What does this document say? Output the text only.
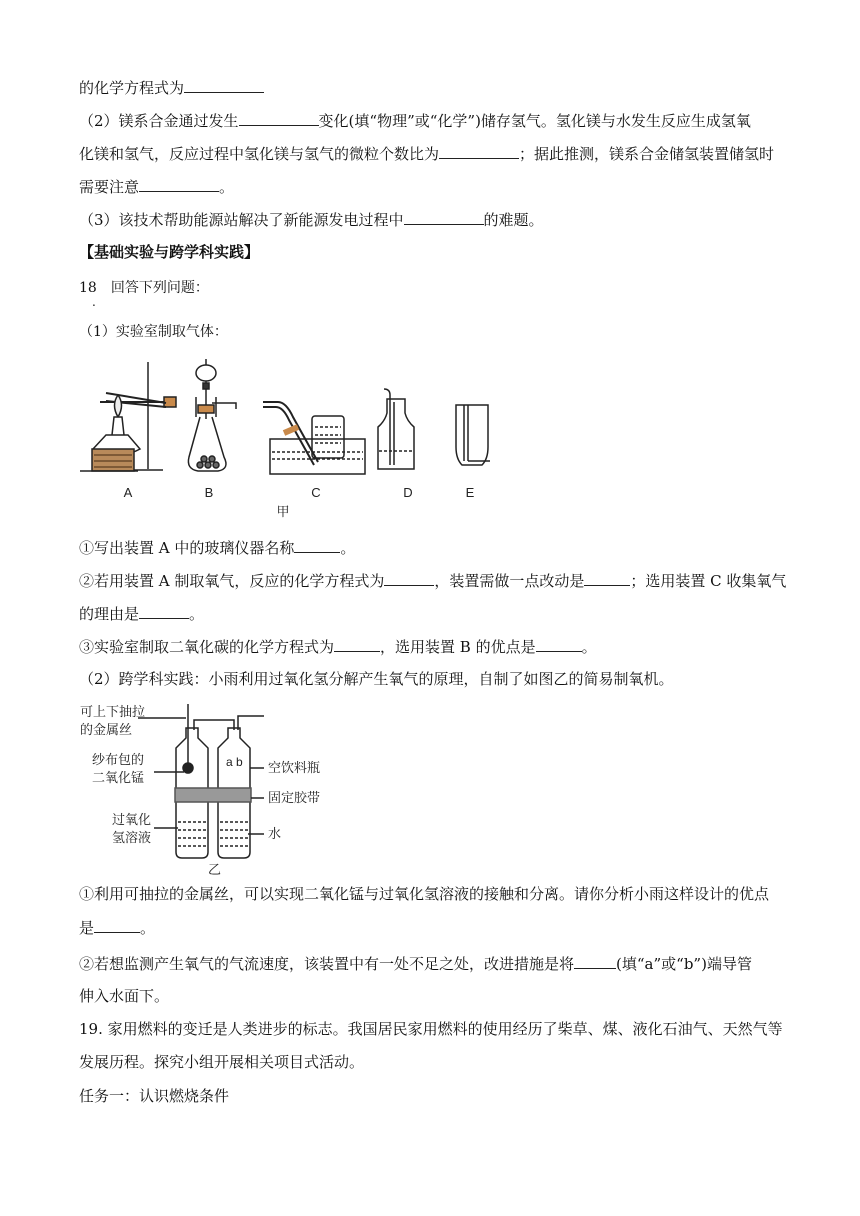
的化学方程式为
（2）镁系合金通过发生	变化(填“物理”或“化学”)储存氢气。氢化镁与水发生反应生成氢氧
化镁和氢气，反应过程中氢化镁与氢气的微粒个数比为	；据此推测，镁系合金储氢装置储氢时
需要注意	。
（3）该技术帮助能源站解决了新能源发电过程中	的难题。
【基础实验与跨学科实践】
18　回答下列问题：
.
（1）实验室制取气体：
A	B	C	D	E
甲
①写出装置 A 中的玻璃仪器名称	。
②若用装置 A 制取氧气，反应的化学方程式为	，装置需做一点改动是	；选用装置 C 收集氧气
的理由是	。
③实验室制取二氧化碳的化学方程式为	，选用装置 B 的优点是	。
（2）跨学科实践：小雨利用过氧化氢分解产生氧气的原理，自制了如图乙的简易制氧机。
可上下抽拉
的金属丝
纱布包的
二氧化锰
a b 空饮料瓶
固定胶带
过氧化
氢溶液	水
乙
①利用可抽拉的金属丝，可以实现二氧化锰与过氧化氢溶液的接触和分离。请你分析小雨这样设计的优点
是	。
②若想监测产生氧气的气流速度，该装置中有一处不足之处，改进措施是将	(填“a”或“b”)端导管
伸入水面下。
19. 家用燃料的变迁是人类进步的标志。我国居民家用燃料的使用经历了柴草、煤、液化石油气、天然气等
发展历程。探究小组开展相关项目式活动。
任务一：认识燃烧条件
